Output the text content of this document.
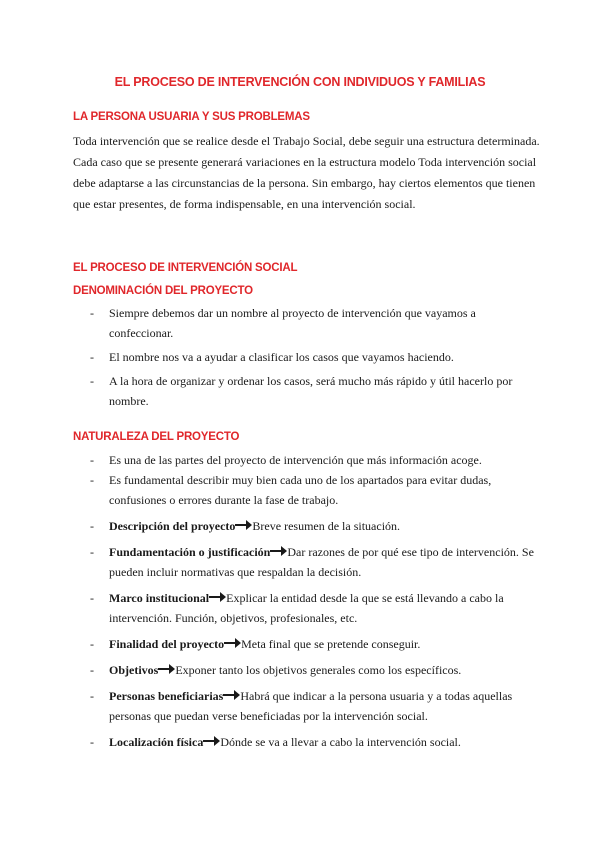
EL PROCESO DE INTERVENCIÓN CON INDIVIDUOS Y FAMILIAS
LA PERSONA USUARIA Y SUS PROBLEMAS

Toda intervención que se realice desde el Trabajo Social, debe seguir una estructura determinada. Cada caso que se presente generará variaciones en la estructura modelo Toda intervención social debe adaptarse a las circunstancias de la persona. Sin embargo, hay ciertos elementos que tienen que estar presentes, de forma indispensable, en una intervención social.

EL PROCESO DE INTERVENCIÓN SOCIAL
DENOMINACIÓN DEL PROYECTO
- Siempre debemos dar un nombre al proyecto de intervención que vayamos a confeccionar.
- El nombre nos va a ayudar a clasificar los casos que vayamos haciendo.
- A la hora de organizar y ordenar los casos, será mucho más rápido y útil hacerlo por nombre.
NATURALEZA DEL PROYECTO
- Es una de las partes del proyecto de intervención que más información acoge.
- Es fundamental describir muy bien cada uno de los apartados para evitar dudas, confusiones o errores durante la fase de trabajo.
- Descripción del proyecto Breve resumen de la situación.
- Fundamentación o justificación Dar razones de por qué ese tipo de intervención. Se pueden incluir normativas que respaldan la decisión.
- Marco institucional Explicar la entidad desde la que se está llevando a cabo la intervención. Función, objetivos, profesionales, etc.
- Finalidad del proyecto Meta final que se pretende conseguir.
- Objetivos Exponer tanto los objetivos generales como los específicos.
- Personas beneficiarias Habrá que indicar a la persona usuaria y a todas aquellas personas que puedan verse beneficiadas por la intervención social.
- Localización física Dónde se va a llevar a cabo la intervención social.
